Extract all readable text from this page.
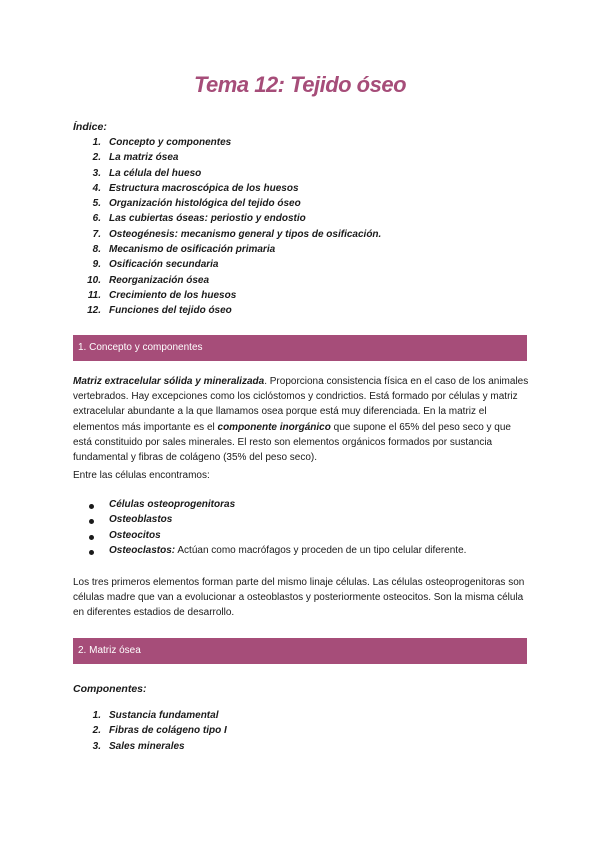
Tema 12: Tejido óseo
Índice:
1. Concepto y componentes
2. La matriz ósea
3. La célula del hueso
4. Estructura macroscópica de los huesos
5. Organización histológica del tejido óseo
6. Las cubiertas óseas: periostio y endostio
7. Osteogénesis: mecanismo general y tipos de osificación.
8. Mecanismo de osificación primaria
9. Osificación secundaria
10. Reorganización ósea
11. Crecimiento de los huesos
12. Funciones del tejido óseo
1. Concepto y componentes

Matriz extracelular sólida y mineralizada. Proporciona consistencia física en el caso de los animales vertebrados. Hay excepciones como los ciclóstomos y condrictios. Está formado por células y matriz extracelular abundante a la que llamamos osea porque está muy diferenciada. En la matriz el elementos más importante es el componente inorgánico que supone el 65% del peso seco y que está constituido por sales minerales. El resto son elementos orgánicos formados por sustancia fundamental y fibras de colágeno (35% del peso seco).

Entre las células encontramos:

Células osteoprogenitoras
Osteoblastos
Osteocitos
Osteoclastos: Actúan como macrófagos y proceden de un tipo celular diferente.

Los tres primeros elementos forman parte del mismo linaje células. Las células osteoprogenitoras son células madre que van a evolucionar a osteoblastos y posteriormente osteocitos. Son la misma célula en diferentes estadios de desarrollo.

2. Matriz ósea
Componentes:
1. Sustancia fundamental
2. Fibras de colágeno tipo I
3. Sales minerales
